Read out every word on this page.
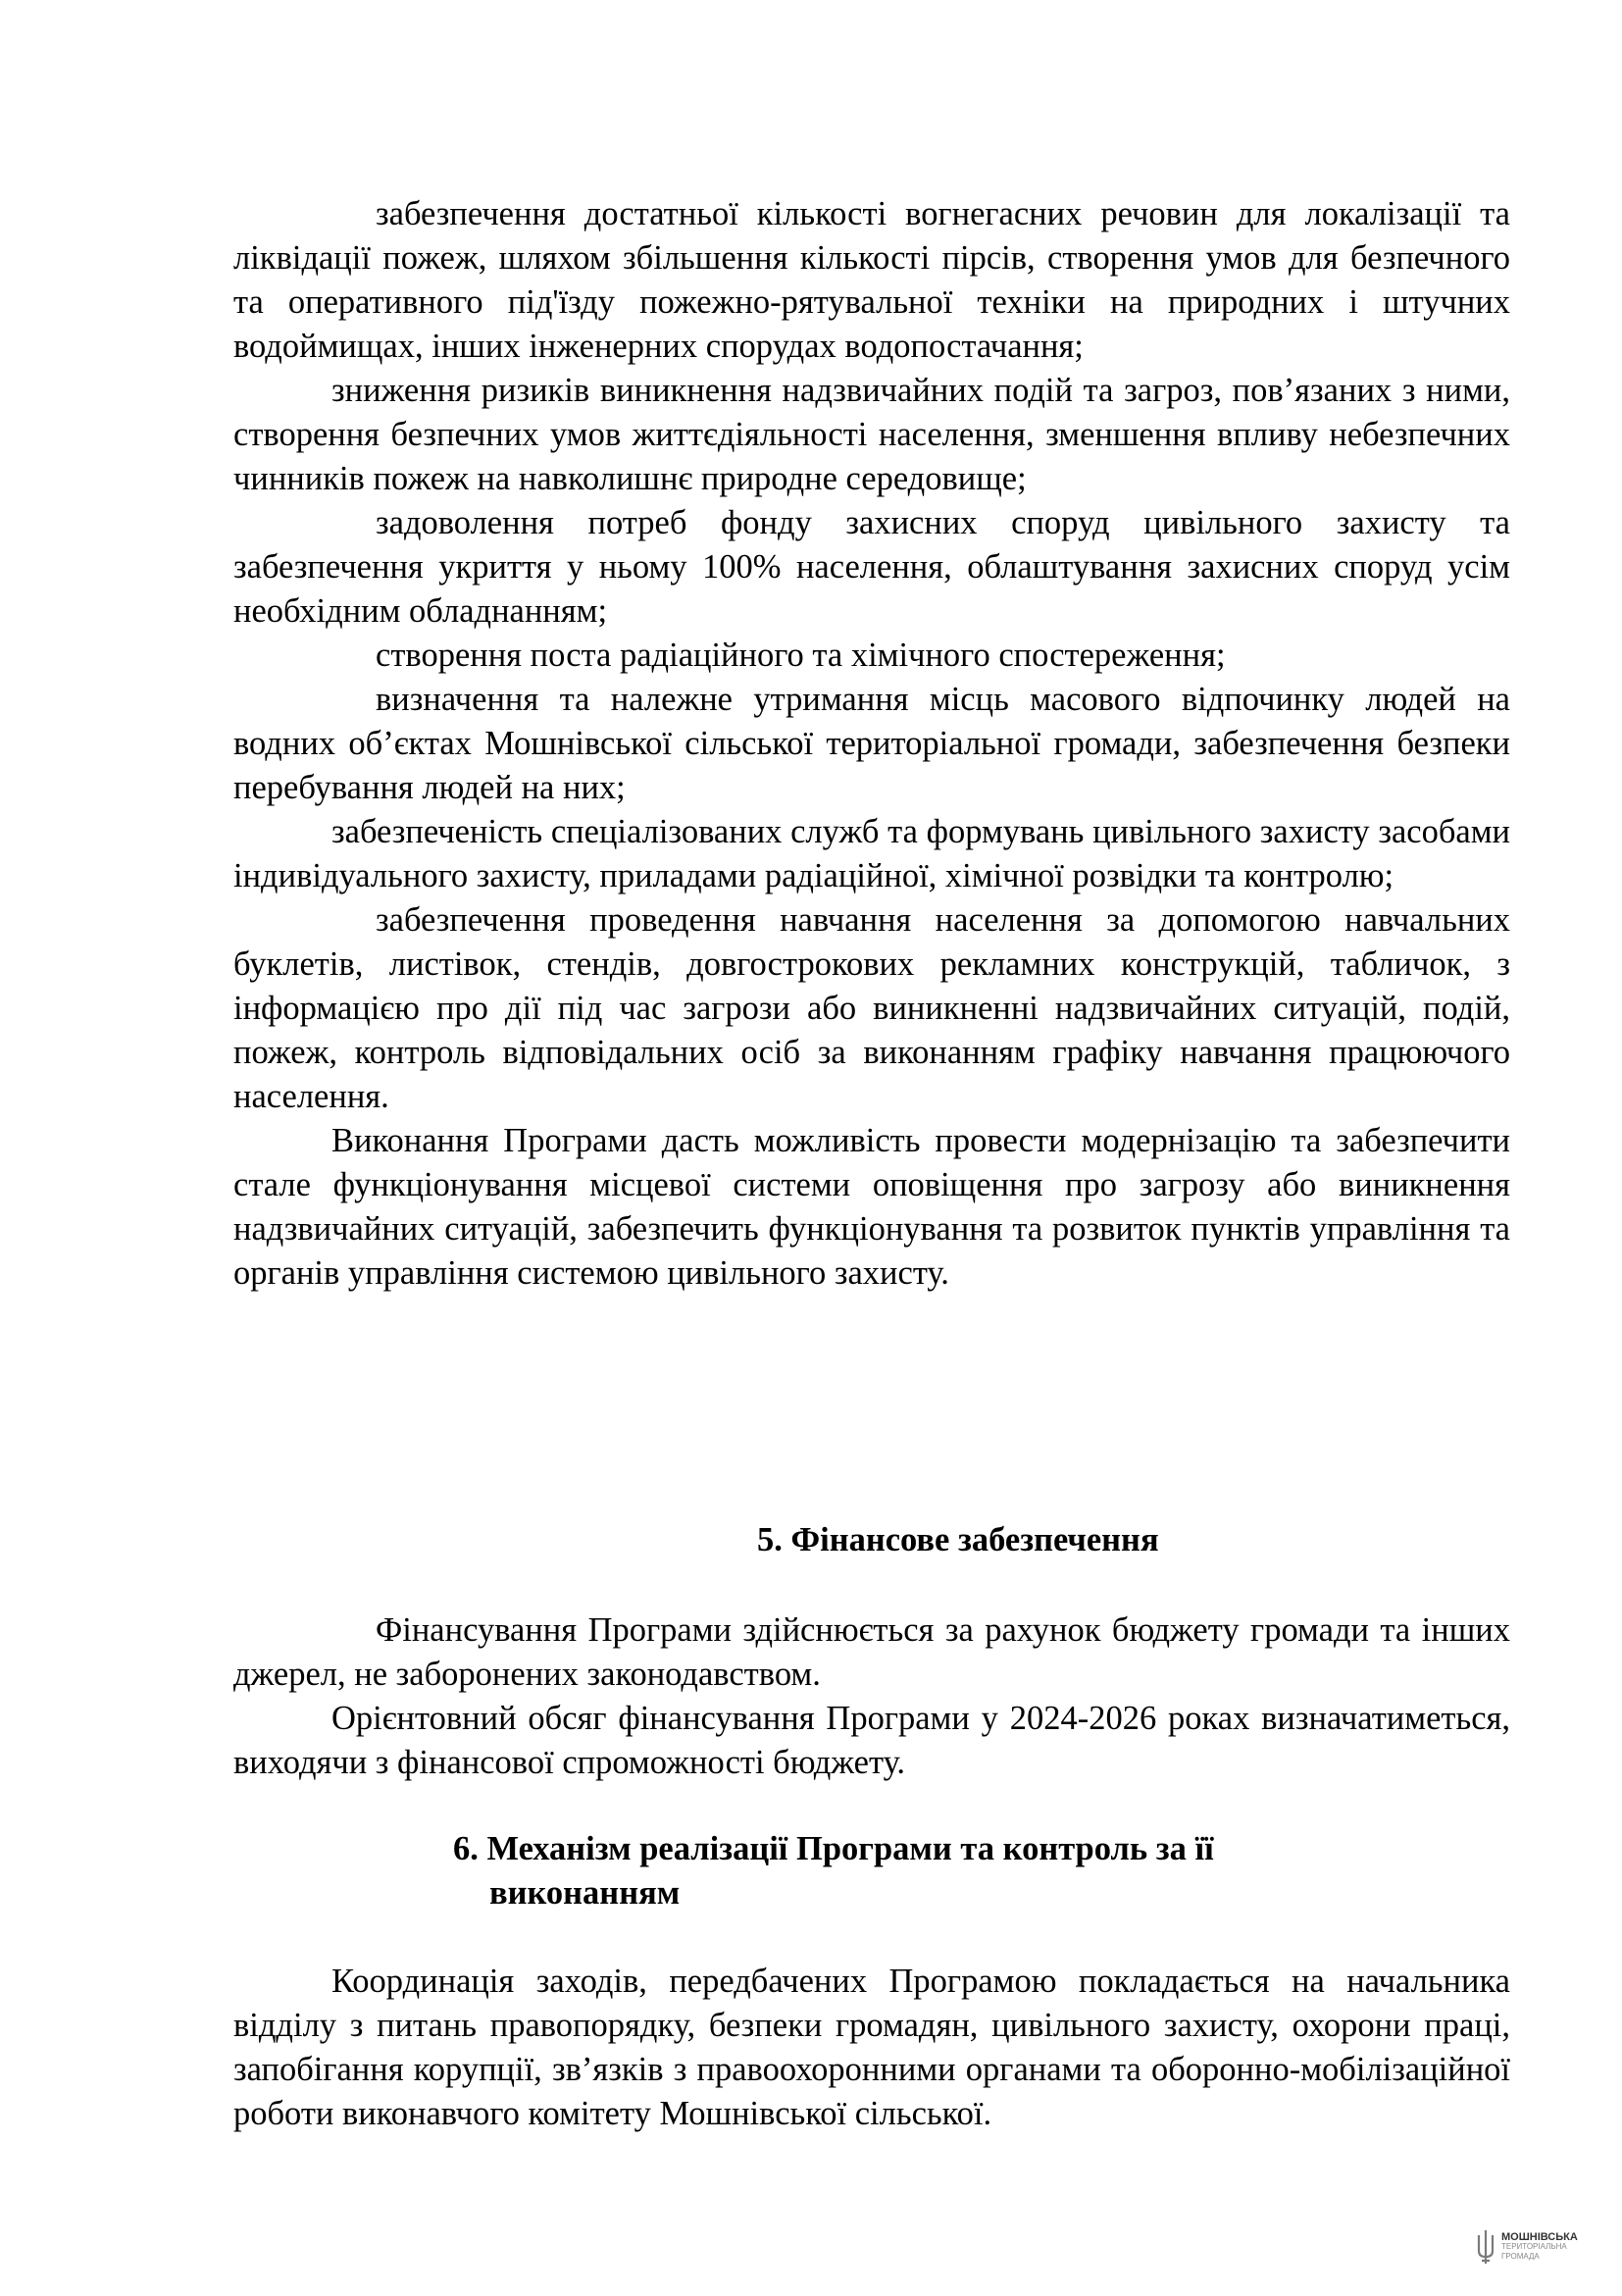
забезпечення достатньої кількості вогнегасних речовин для локалізації та ліквідації пожеж, шляхом збільшення кількості пірсів, створення умов для безпечного та оперативного під'їзду пожежно-рятувальної техніки на природних і штучних водоймищах, інших інженерних спорудах водопостачання;

зниження ризиків виникнення надзвичайних подій та загроз, пов’язаних з ними, створення безпечних умов життєдіяльності населення, зменшення впливу небезпечних чинників пожеж на навколишнє природне середовище;

задоволення потреб фонду захисних споруд цивільного захисту та забезпечення укриття у ньому 100% населення, облаштування захисних споруд усім необхідним обладнанням;

створення поста радіаційного та хімічного спостереження;

визначення та належне утримання місць масового відпочинку людей на водних об’єктах Мошнівської сільської територіальної громади, забезпечення безпеки перебування людей на них;

забезпеченість спеціалізованих служб та формувань цивільного захисту засобами індивідуального захисту, приладами радіаційної, хімічної розвідки та контролю;

забезпечення проведення навчання населення за допомогою навчальних буклетів, листівок, стендів, довгострокових рекламних конструкцій, табличок, з інформацією про дії під час загрози або виникненні надзвичайних ситуацій, подій, пожеж, контроль відповідальних осіб за виконанням графіку навчання працюючого населення.

Виконання Програми дасть можливість провести модернізацію та забезпечити стале функціонування місцевої системи оповіщення про загрозу або виникнення надзвичайних ситуацій, забезпечить функціонування та розвиток пунктів управління та органів управління системою цивільного захисту.

5. Фінансове забезпечення

Фінансування Програми здійснюється за рахунок бюджету громади та інших джерел, не заборонених законодавством.

Орієнтовний обсяг фінансування Програми у 2024-2026 роках визначатиметься, виходячи з фінансової спроможності бюджету.

6. Механізм реалізації Програми та контроль за її
виконанням

Координація заходів, передбачених Програмою покладається на начальника відділу з питань правопорядку, безпеки громадян, цивільного захисту, охорони праці, запобігання корупції, зв’язків з правоохоронними органами та оборонно-мобілізаційної роботи виконавчого комітету Мошнівської сільської.

МОШНІВСЬКА
ТЕРИТОРІАЛЬНА
ГРОМАДА
